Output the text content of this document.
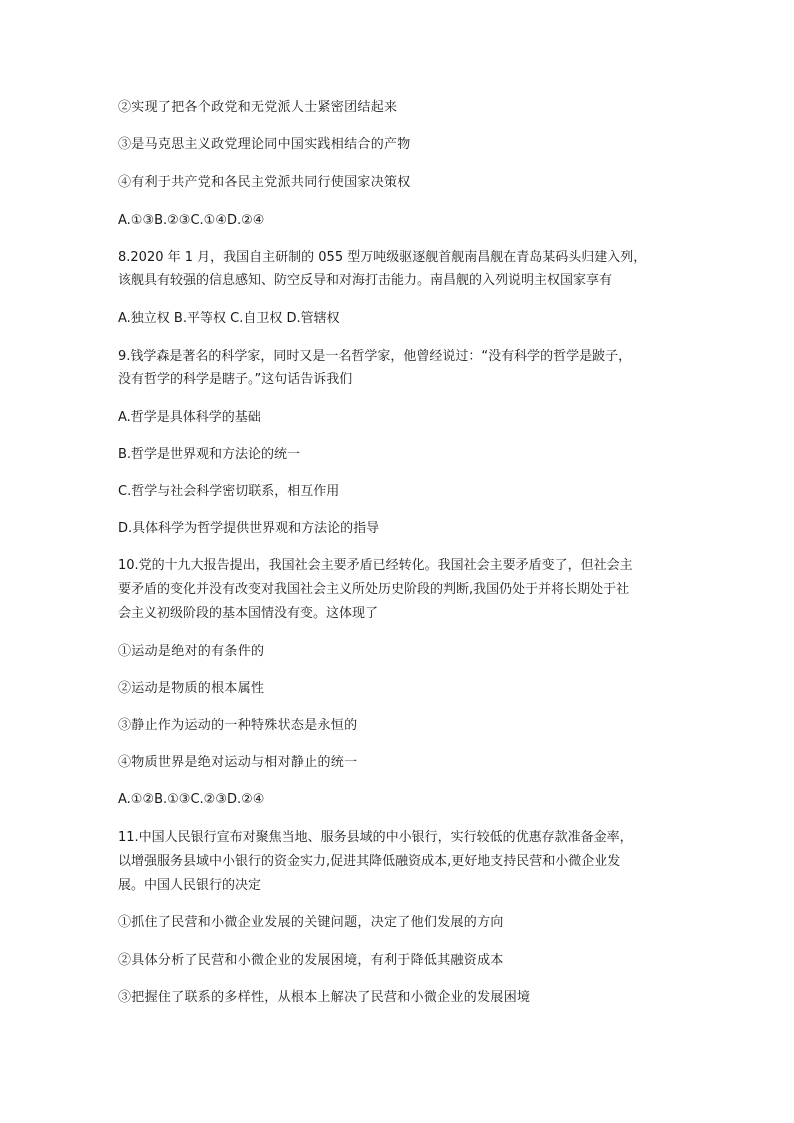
②实现了把各个政党和无党派人士紧密团结起来
③是马克思主义政党理论同中国实践相结合的产物
④有利于共产党和各民主党派共同行使国家决策权
A.①③B.②③C.①④D.②④
8.2020 年 1 月，我国自主研制的 055 型万吨级驱逐舰首舰南昌舰在青岛某码头归建入列，
该舰具有较强的信息感知、防空反导和对海打击能力。南昌舰的入列说明主权国家享有
A.独立权 B.平等权 C.自卫权 D.管辖权
9.钱学森是著名的科学家，同时又是一名哲学家，他曾经说过：“没有科学的哲学是跛子，
没有哲学的科学是瞎子。”这句话告诉我们
A.哲学是具体科学的基础
B.哲学是世界观和方法论的统一
C.哲学与社会科学密切联系，相互作用
D.具体科学为哲学提供世界观和方法论的指导
10.党的十九大报告提出，我国社会主要矛盾已经转化。我国社会主要矛盾变了，但社会主
要矛盾的变化并没有改变对我国社会主义所处历史阶段的判断,我国仍处于并将长期处于社
会主义初级阶段的基本国情没有变。这体现了
①运动是绝对的有条件的
②运动是物质的根本属性
③静止作为运动的一种特殊状态是永恒的
④物质世界是绝对运动与相对静止的统一
A.①②B.①③C.②③D.②④
11.中国人民银行宣布对聚焦当地、服务县域的中小银行，实行较低的优惠存款准备金率，
以增强服务县域中小银行的资金实力,促进其降低融资成本,更好地支持民营和小微企业发
展。中国人民银行的决定
①抓住了民营和小微企业发展的关键问题，决定了他们发展的方向
②具体分析了民营和小微企业的发展困境，有利于降低其融资成本
③把握住了联系的多样性，从根本上解决了民营和小微企业的发展困境
